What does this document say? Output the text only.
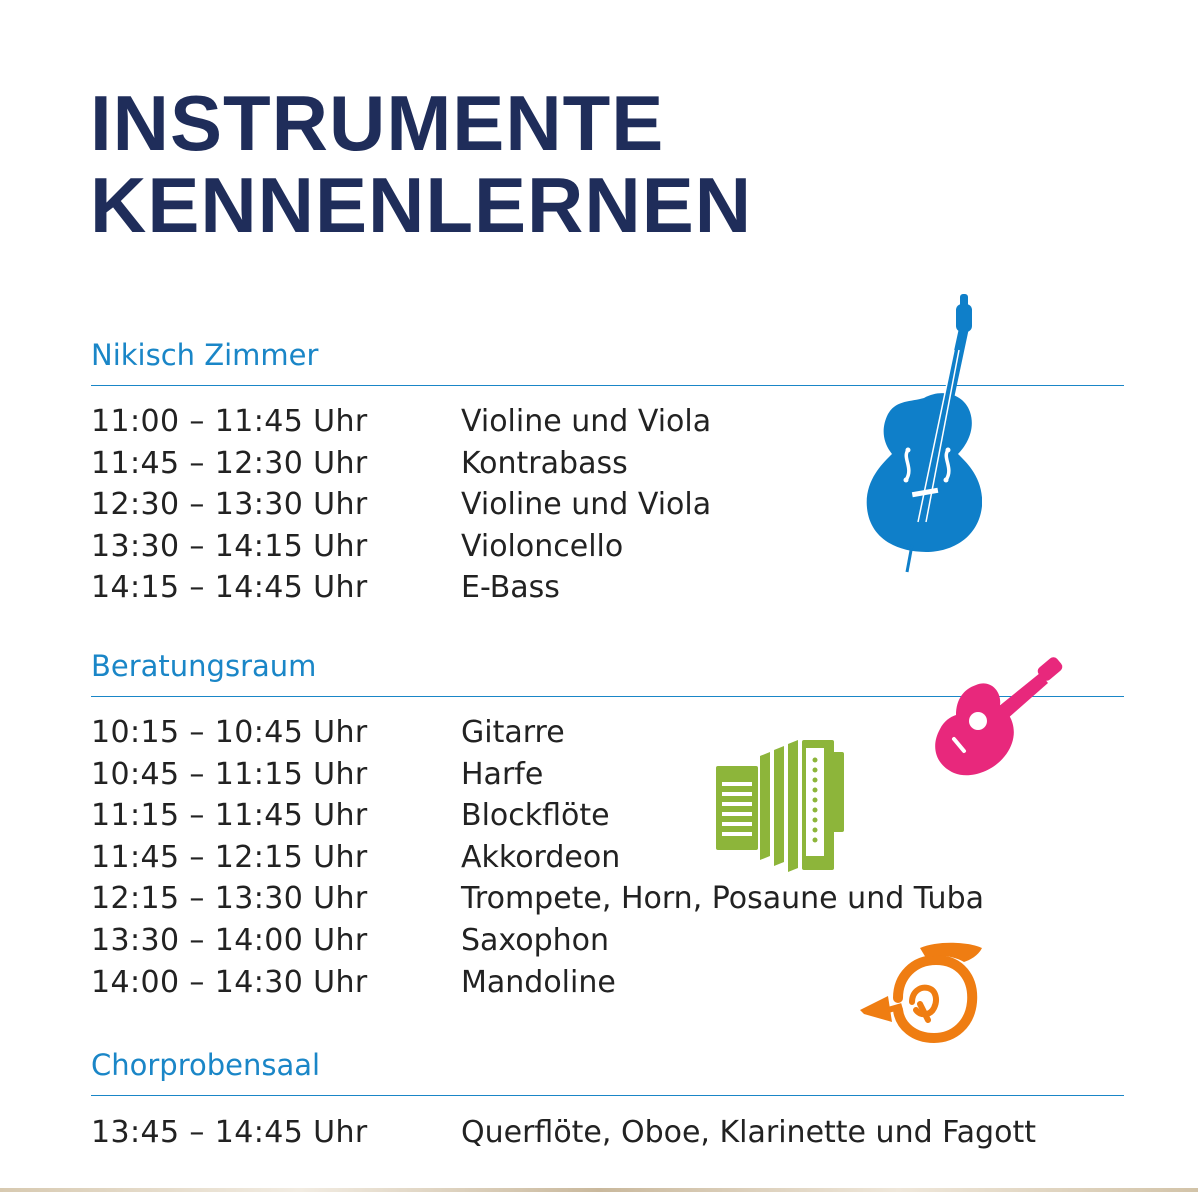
INSTRUMENTE
KENNENLERNEN
Nikisch Zimmer
11:00 – 11:45 Uhr	Violine und Viola
11:45 – 12:30 Uhr	Kontrabass
12:30 – 13:30 Uhr	Violine und Viola
13:30 – 14:15 Uhr	Violoncello
14:15 – 14:45 Uhr	E-Bass
Beratungsraum
10:15 – 10:45 Uhr	Gitarre
10:45 – 11:15 Uhr	Harfe
11:15 – 11:45 Uhr	Blockflöte
11:45 – 12:15 Uhr	Akkordeon
12:15 – 13:30 Uhr	Trompete, Horn, Posaune und Tuba
13:30 – 14:00 Uhr	Saxophon
14:00 – 14:30 Uhr	Mandoline
Chorprobensaal
13:45 – 14:45 Uhr	Querflöte, Oboe, Klarinette und Fagott
